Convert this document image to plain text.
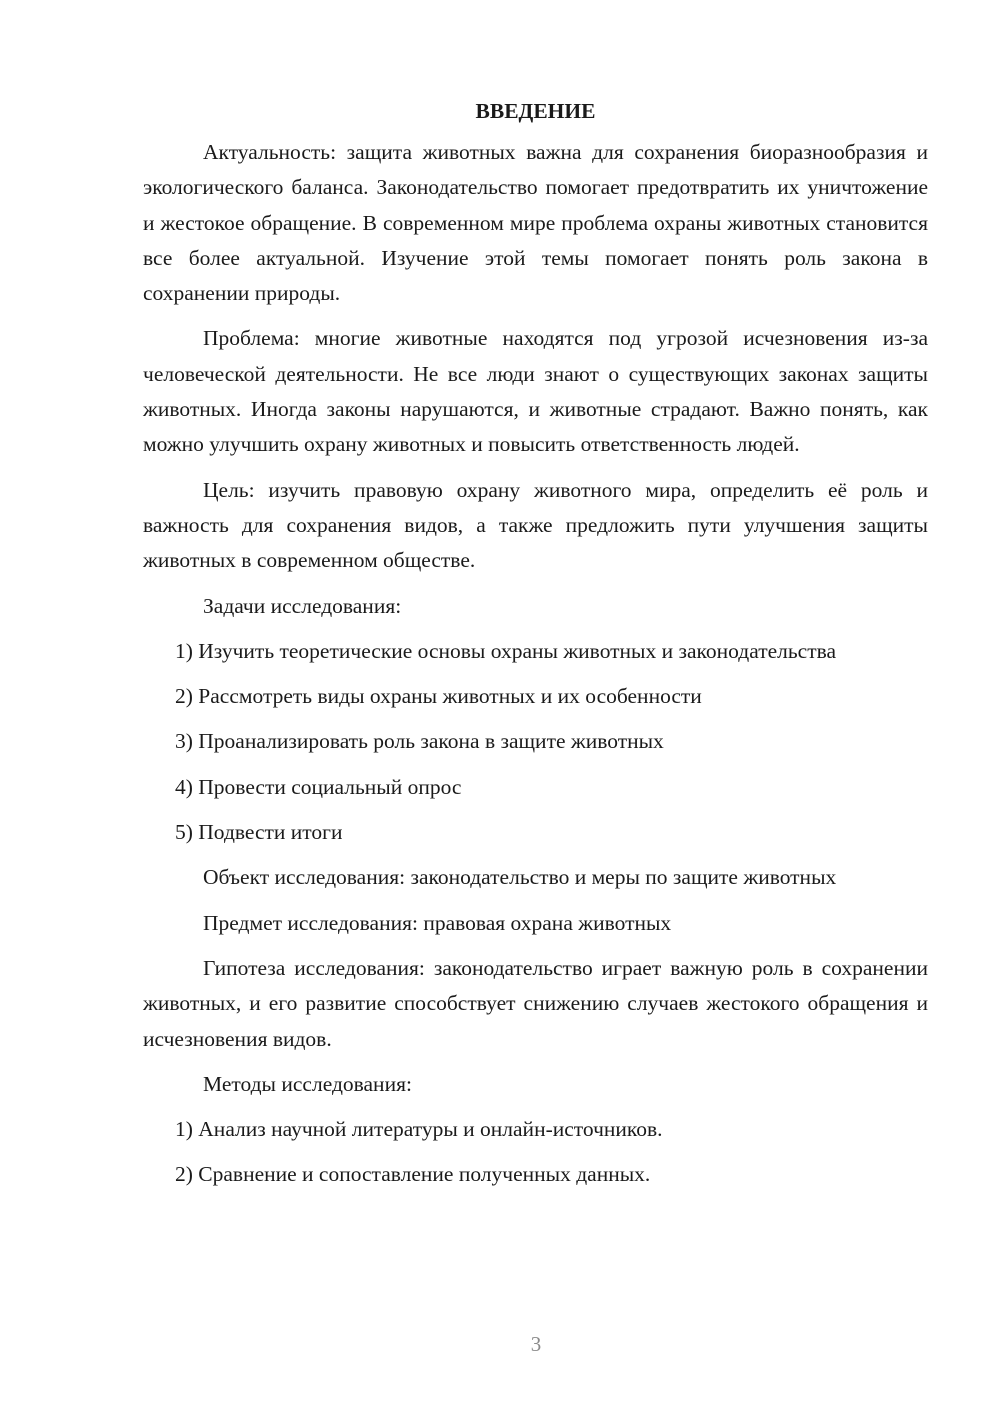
ВВЕДЕНИЕ

Актуальность: защита животных важна для сохранения биоразнообразия и экологического баланса. Законодательство помогает предотвратить их уничтожение и жестокое обращение. В современном мире проблема охраны животных становится все более актуальной. Изучение этой темы помогает понять роль закона в сохранении природы.

Проблема: многие животные находятся под угрозой исчезновения из-за человеческой деятельности. Не все люди знают о существующих законах защиты животных. Иногда законы нарушаются, и животные страдают. Важно понять, как можно улучшить охрану животных и повысить ответственность людей.

Цель: изучить правовую охрану животного мира, определить её роль и важность для сохранения видов, а также предложить пути улучшения защиты животных в современном обществе.

Задачи исследования:

1) Изучить теоретические основы охраны животных и законодательства

2) Рассмотреть виды охраны животных и их особенности

3) Проанализировать роль закона в защите животных

4) Провести социальный опрос

5) Подвести итоги

Объект исследования: законодательство и меры по защите животных

Предмет исследования: правовая охрана животных

Гипотеза исследования: законодательство играет важную роль в сохранении животных, и его развитие способствует снижению случаев жестокого обращения и исчезновения видов.

Методы исследования:

1) Анализ научной литературы и онлайн-источников.

2) Сравнение и сопоставление полученных данных.

3
